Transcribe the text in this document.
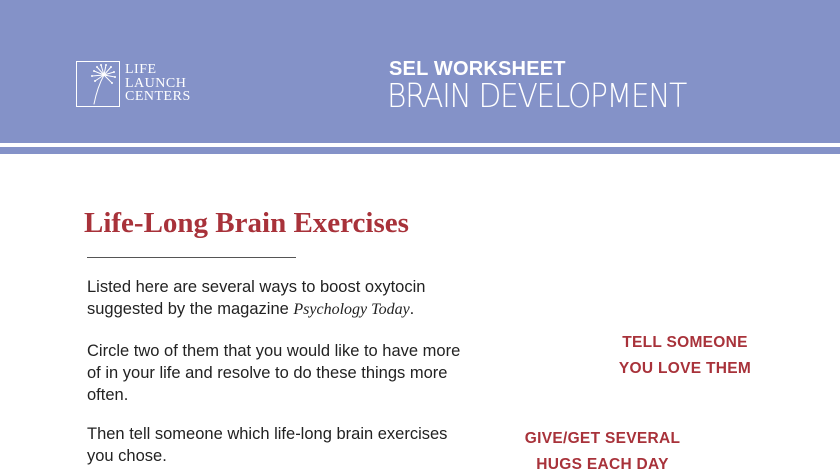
LIFE
LAUNCH
CENTERS
SEL WORKSHEET
BRAIN DEVELOPMENT
Life-Long Brain Exercises

Listed here are several ways to boost oxytocin suggested by the magazine Psychology Today.

Circle two of them that you would like to have more of in your life and resolve to do these things more often.

Then tell someone which life-long brain exercises you chose.

TELL SOMEONE
YOU LOVE THEM
GIVE/GET SEVERAL
HUGS EACH DAY
